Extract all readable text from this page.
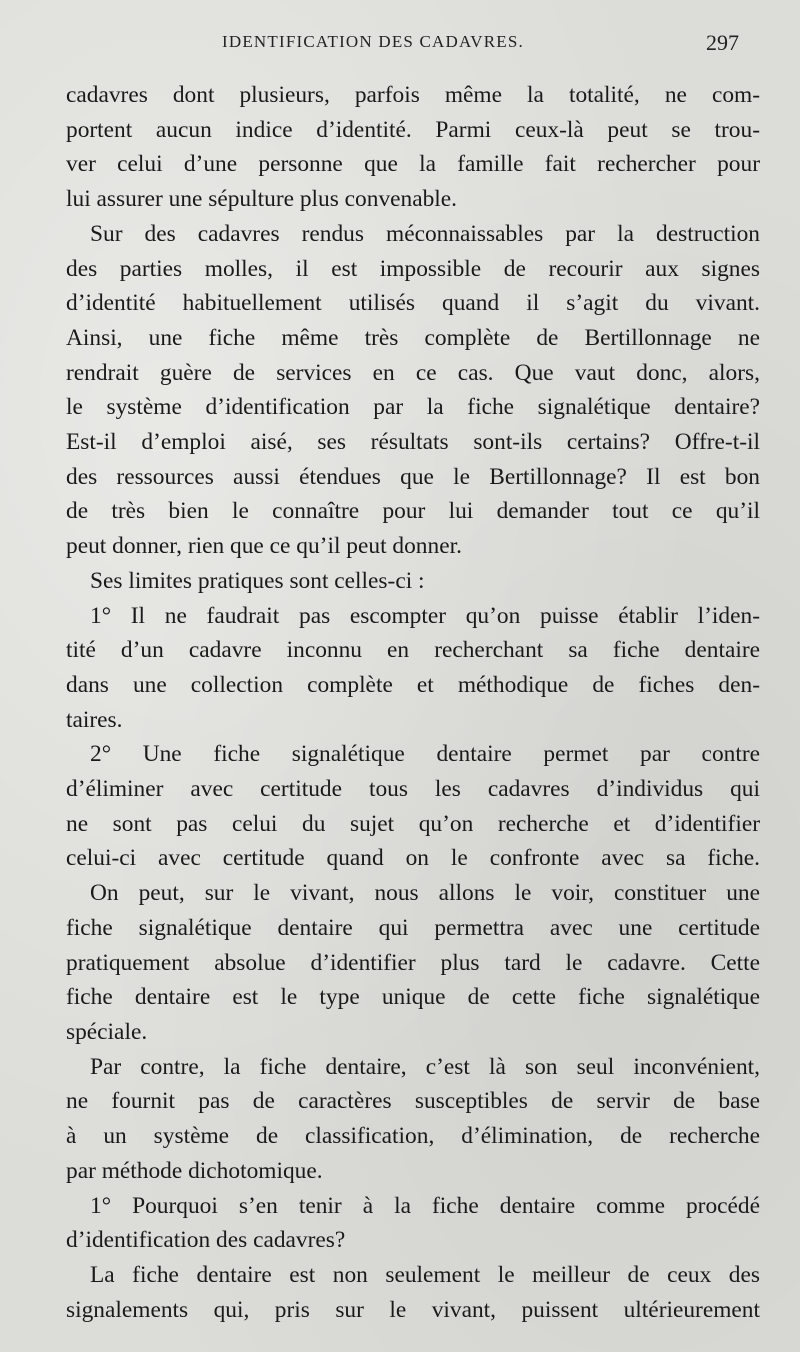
IDENTIFICATION DES CADAVRES.	297
cadavres dont plusieurs, parfois même la totalité, ne com-
portent aucun indice d’identité. Parmi ceux-là peut se trou-
ver celui d’une personne que la famille fait rechercher pour
lui assurer une sépulture plus convenable.
Sur des cadavres rendus méconnaissables par la destruction
des parties molles, il est impossible de recourir aux signes
d’identité habituellement utilisés quand il s’agit du vivant.
Ainsi, une fiche même très complète de Bertillonnage ne
rendrait guère de services en ce cas. Que vaut donc, alors,
le système d’identification par la fiche signalétique dentaire?
Est-il d’emploi aisé, ses résultats sont-ils certains? Offre-t-il
des ressources aussi étendues que le Bertillonnage? Il est bon
de très bien le connaître pour lui demander tout ce qu’il
peut donner, rien que ce qu’il peut donner.
Ses limites pratiques sont celles-ci :
1° Il ne faudrait pas escompter qu’on puisse établir l’iden-
tité d’un cadavre inconnu en recherchant sa fiche dentaire
dans une collection complète et méthodique de fiches den-
taires.
2° Une fiche signalétique dentaire permet par contre
d’éliminer avec certitude tous les cadavres d’individus qui
ne sont pas celui du sujet qu’on recherche et d’identifier
celui-ci avec certitude quand on le confronte avec sa fiche.
On peut, sur le vivant, nous allons le voir, constituer une
fiche signalétique dentaire qui permettra avec une certitude
pratiquement absolue d’identifier plus tard le cadavre. Cette
fiche dentaire est le type unique de cette fiche signalétique
spéciale.
Par contre, la fiche dentaire, c’est là son seul inconvénient,
ne fournit pas de caractères susceptibles de servir de base
à un système de classification, d’élimination, de recherche
par méthode dichotomique.
1° Pourquoi s’en tenir à la fiche dentaire comme procédé
d’identification des cadavres?
La fiche dentaire est non seulement le meilleur de ceux des
signalements qui, pris sur le vivant, puissent ultérieurement
